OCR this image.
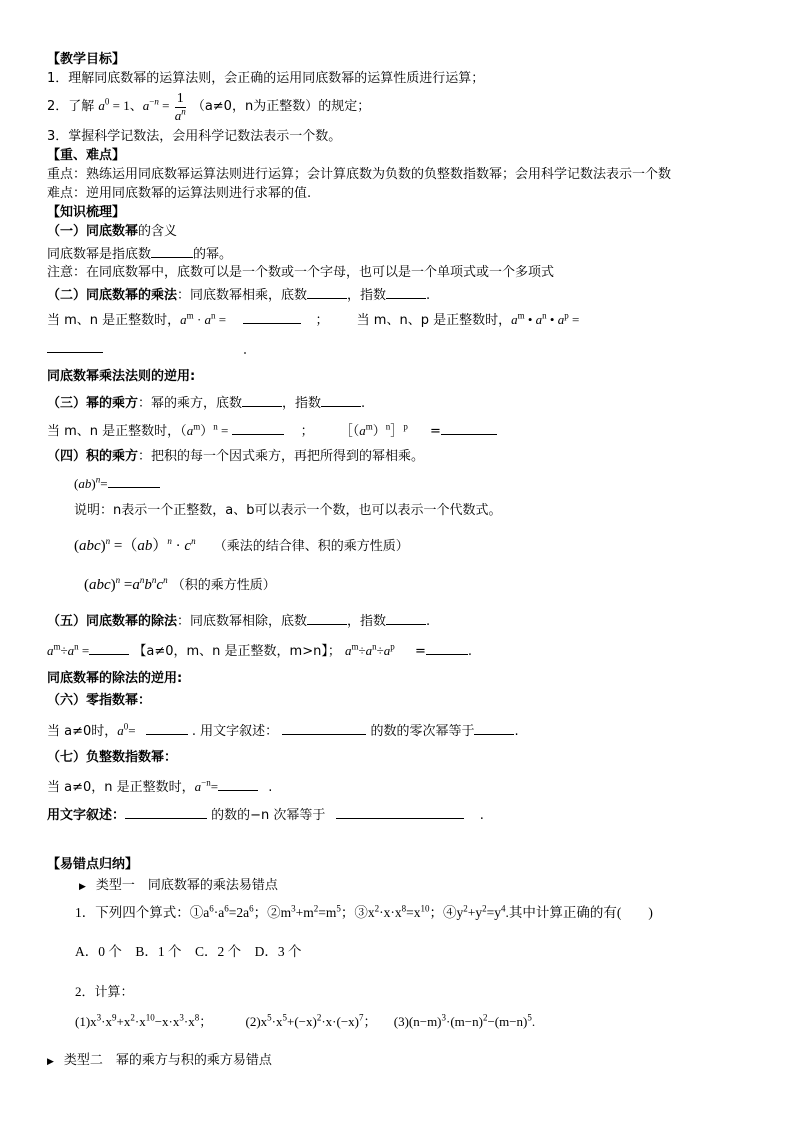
【教学目标】
1．理解同底数幂的运算法则，会正确的运用同底数幂的运算性质进行运算；
2．了解 $a^0 = 1$、$a^{-n} = \frac{1}{a^n} (a\ne 0$，n为正整数）的规定；
3．掌握科学记数法，会用科学记数法表示一个数。
【重、难点】
重点：熟练运用同底数幂运算法则进行运算；会计算底数为负数的负整数指数幂；会用科学记数法表示一个数
难点：逆用同底数幂的运算法则进行求幂的值.
【知识梳理】
（一）同底数幂的含义
同底数幂是指底数	的幂。
注意：在同底数幂中，底数可以是一个数或一个字母，也可以是一个单项式或一个多项式
（二）同底数幂的乘法：同底数幂相乘，底数	，指数	.
当 m、n 是正整数时，$a^m \cdot a^n$ =	； 当 m、n、p 是正整数时，$a^m$ • $a^n$ • $a^p$ =
同底数幂乘法法则的逆用:
（三）幂的乘方：幂的乘方，底数	，指数	.
当 m、n 是正整数时，$(a^m)^n$ =	； $[(a^m)^n]^p$ =
（四）积的乘方：把积的每一个因式乘方，再把所得到的幂相乘。
(ab)$^n$=
说明：n表示一个正整数，a、b可以表示一个数，也可以表示一个代数式。
$(abc)^n =(ab)^n \cdot c^n$ （乘法的结合律、积的乘方性质）
$(abc)^n =a^nb^nc^n$ （积的乘方性质）
（五）同底数幂的除法：同底数幂相除，底数	，指数	.
$a^m\div a^n$ =	【a≠0，m、n 是正整数，m>n】； $a^m\div a^n\div a^p$ =	.
同底数幂的除法的逆用:
（六）零指数幂：
当 a≠0时，$a^0=$	. 用文字叙述：	的数的零次幂等于	.
（七）负整数指数幂：
当 a≠0，n 是正整数时，$a^{-n}=$	.
用文字叙述：	的数的−n 次幂等于	.
【易错点归纳】
▶ 类型一　同底数幂的乘法易错点
1．下列四个算式：$①a^6\cdot a^6=2a^6$；$②m^3+m^2=m^5$；$③x^2\cdot x\cdot x^8=x^{10}$；$④y^2+y^2=y^4$.其中计算正确的有(　　)
A．0 个　B．1 个　C．2 个　D．3 个
2．计算：
$(1)x^3\cdot x^9+x^2\cdot x^{10}-x\cdot x^3\cdot x^8$；	$(2)x^5\cdot x^5+(-x)^2\cdot x\cdot(-x)^7$； $(3)(n-m)^3\cdot(m-n)^2-(m-n)^5$.
▶ 类型二　幂的乘方与积的乘方易错点
